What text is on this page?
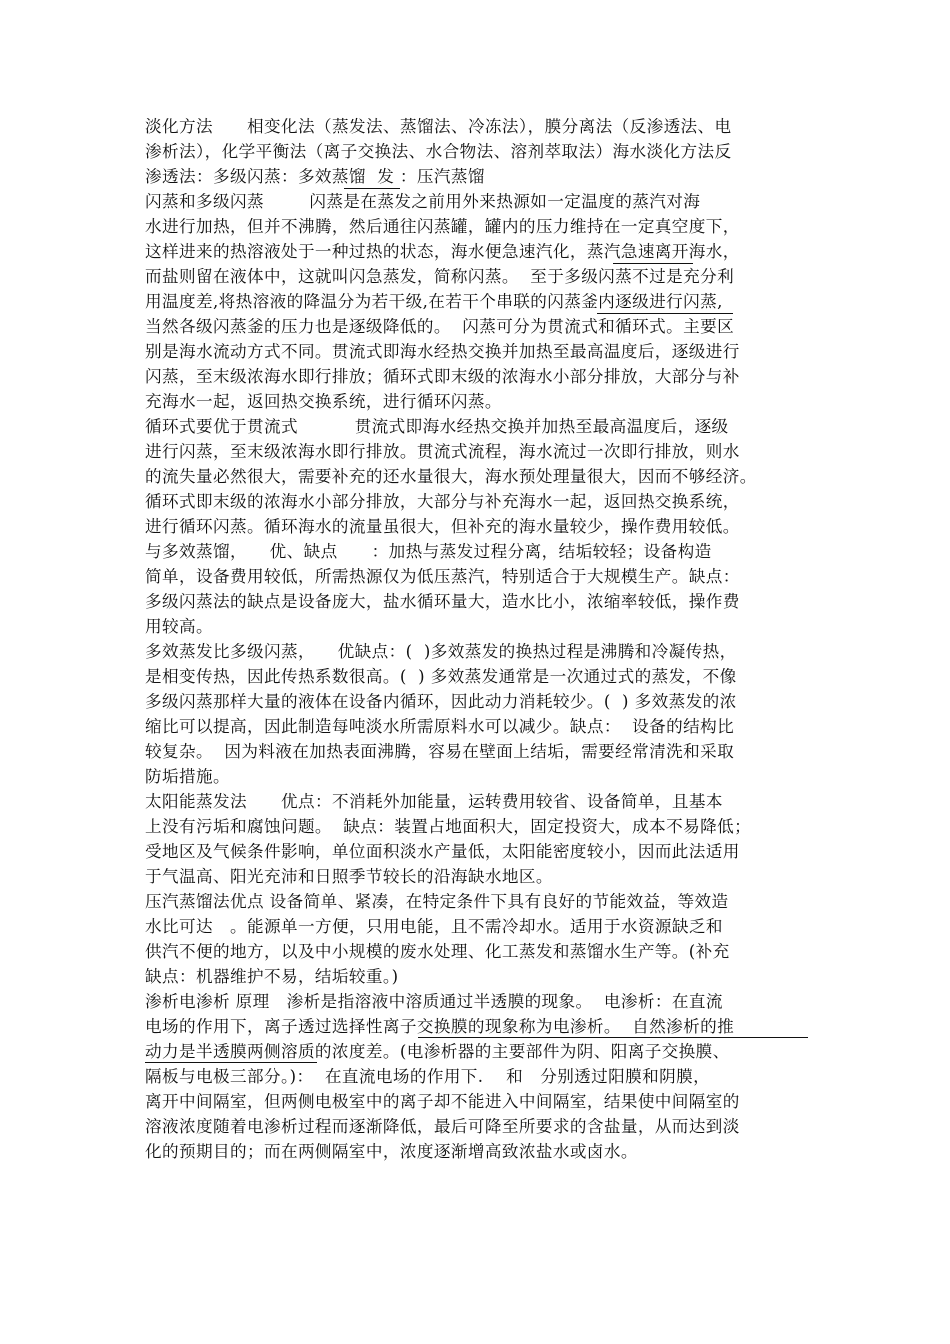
淡化方法      相变化法（蒸发法、蒸馏法、冷冻法），膜分离法（反渗透法、电
渗析法），化学平衡法（离子交换法、水合物法、溶剂萃取法）海水淡化方法反
渗透法：多级闪蒸：多效蒸馏  发 ：压汽蒸馏
闪蒸和多级闪蒸        闪蒸是在蒸发之前用外来热源如一定温度的蒸汽对海
水进行加热，但并不沸腾，然后通往闪蒸罐，罐内的压力维持在一定真空度下，
这样进来的热溶液处于一种过热的状态，海水便急速汽化，蒸汽急速离开海水，
而盐则留在液体中，这就叫闪急蒸发，简称闪蒸。  至于多级闪蒸不过是充分利
用温度差,将热溶液的降温分为若干级,在若干个串联的闪蒸釜内逐级进行闪蒸,
当然各级闪蒸釜的压力也是逐级降低的。  闪蒸可分为贯流式和循环式。主要区
别是海水流动方式不同。贯流式即海水经热交换并加热至最高温度后，逐级进行
闪蒸，至末级浓海水即行排放；循环式即末级的浓海水小部分排放，大部分与补
充海水一起，返回热交换系统，进行循环闪蒸。
循环式要优于贯流式          贯流式即海水经热交换并加热至最高温度后，逐级
进行闪蒸，至末级浓海水即行排放。贯流式流程，海水流过一次即行排放，则水
的流失量必然很大，需要补充的还水量很大，海水预处理量很大，因而不够经济。
循环式即末级的浓海水小部分排放，大部分与补充海水一起，返回热交换系统，
进行循环闪蒸。循环海水的流量虽很大，但补充的海水量较少，操作费用较低。
与多效蒸馏，    优、缺点      ：加热与蒸发过程分离，结垢较轻；设备构造
简单，设备费用较低，所需热源仅为低压蒸汽，特别适合于大规模生产。缺点：
多级闪蒸法的缺点是设备庞大，盐水循环量大，造水比小，浓缩率较低，操作费
用较高。
多效蒸发比多级闪蒸，    优缺点：(  )多效蒸发的换热过程是沸腾和冷凝传热，
是相变传热，因此传热系数很高。(  ) 多效蒸发通常是一次通过式的蒸发，不像
多级闪蒸那样大量的液体在设备内循环，因此动力消耗较少。(  ) 多效蒸发的浓
缩比可以提高，因此制造每吨淡水所需原料水可以减少。缺点：  设备的结构比
较复杂。  因为料液在加热表面沸腾，容易在壁面上结垢，需要经常清洗和采取
防垢措施。
太阳能蒸发法      优点：不消耗外加能量，运转费用较省、设备简单，且基本
上没有污垢和腐蚀问题。  缺点：装置占地面积大，固定投资大，成本不易降低；
受地区及气候条件影响，单位面积淡水产量低，太阳能密度较小，因而此法适用
于气温高、阳光充沛和日照季节较长的沿海缺水地区。
压汽蒸馏法优点 设备简单、紧凑，在特定条件下具有良好的节能效益，等效造
水比可达   。能源单一方便，只用电能，且不需冷却水。适用于水资源缺乏和
供汽不便的地方，以及中小规模的废水处理、化工蒸发和蒸馏水生产等。(补充
缺点：机器维护不易，结垢较重。)
渗析电渗析 原理   渗析是指溶液中溶质通过半透膜的现象。  电渗析：在直流
电场的作用下，离子透过选择性离子交换膜的现象称为电渗析。  自然渗析的推
动力是半透膜两侧溶质的浓度差。(电渗析器的主要部件为阴、阳离子交换膜、
隔板与电极三部分。)：  在直流电场的作用下.    和   分别透过阳膜和阴膜，
离开中间隔室，但两侧电极室中的离子却不能进入中间隔室，结果使中间隔室的
溶液浓度随着电渗析过程而逐渐降低，最后可降至所要求的含盐量，从而达到淡
化的预期目的；而在两侧隔室中，浓度逐渐增高致浓盐水或卤水。
